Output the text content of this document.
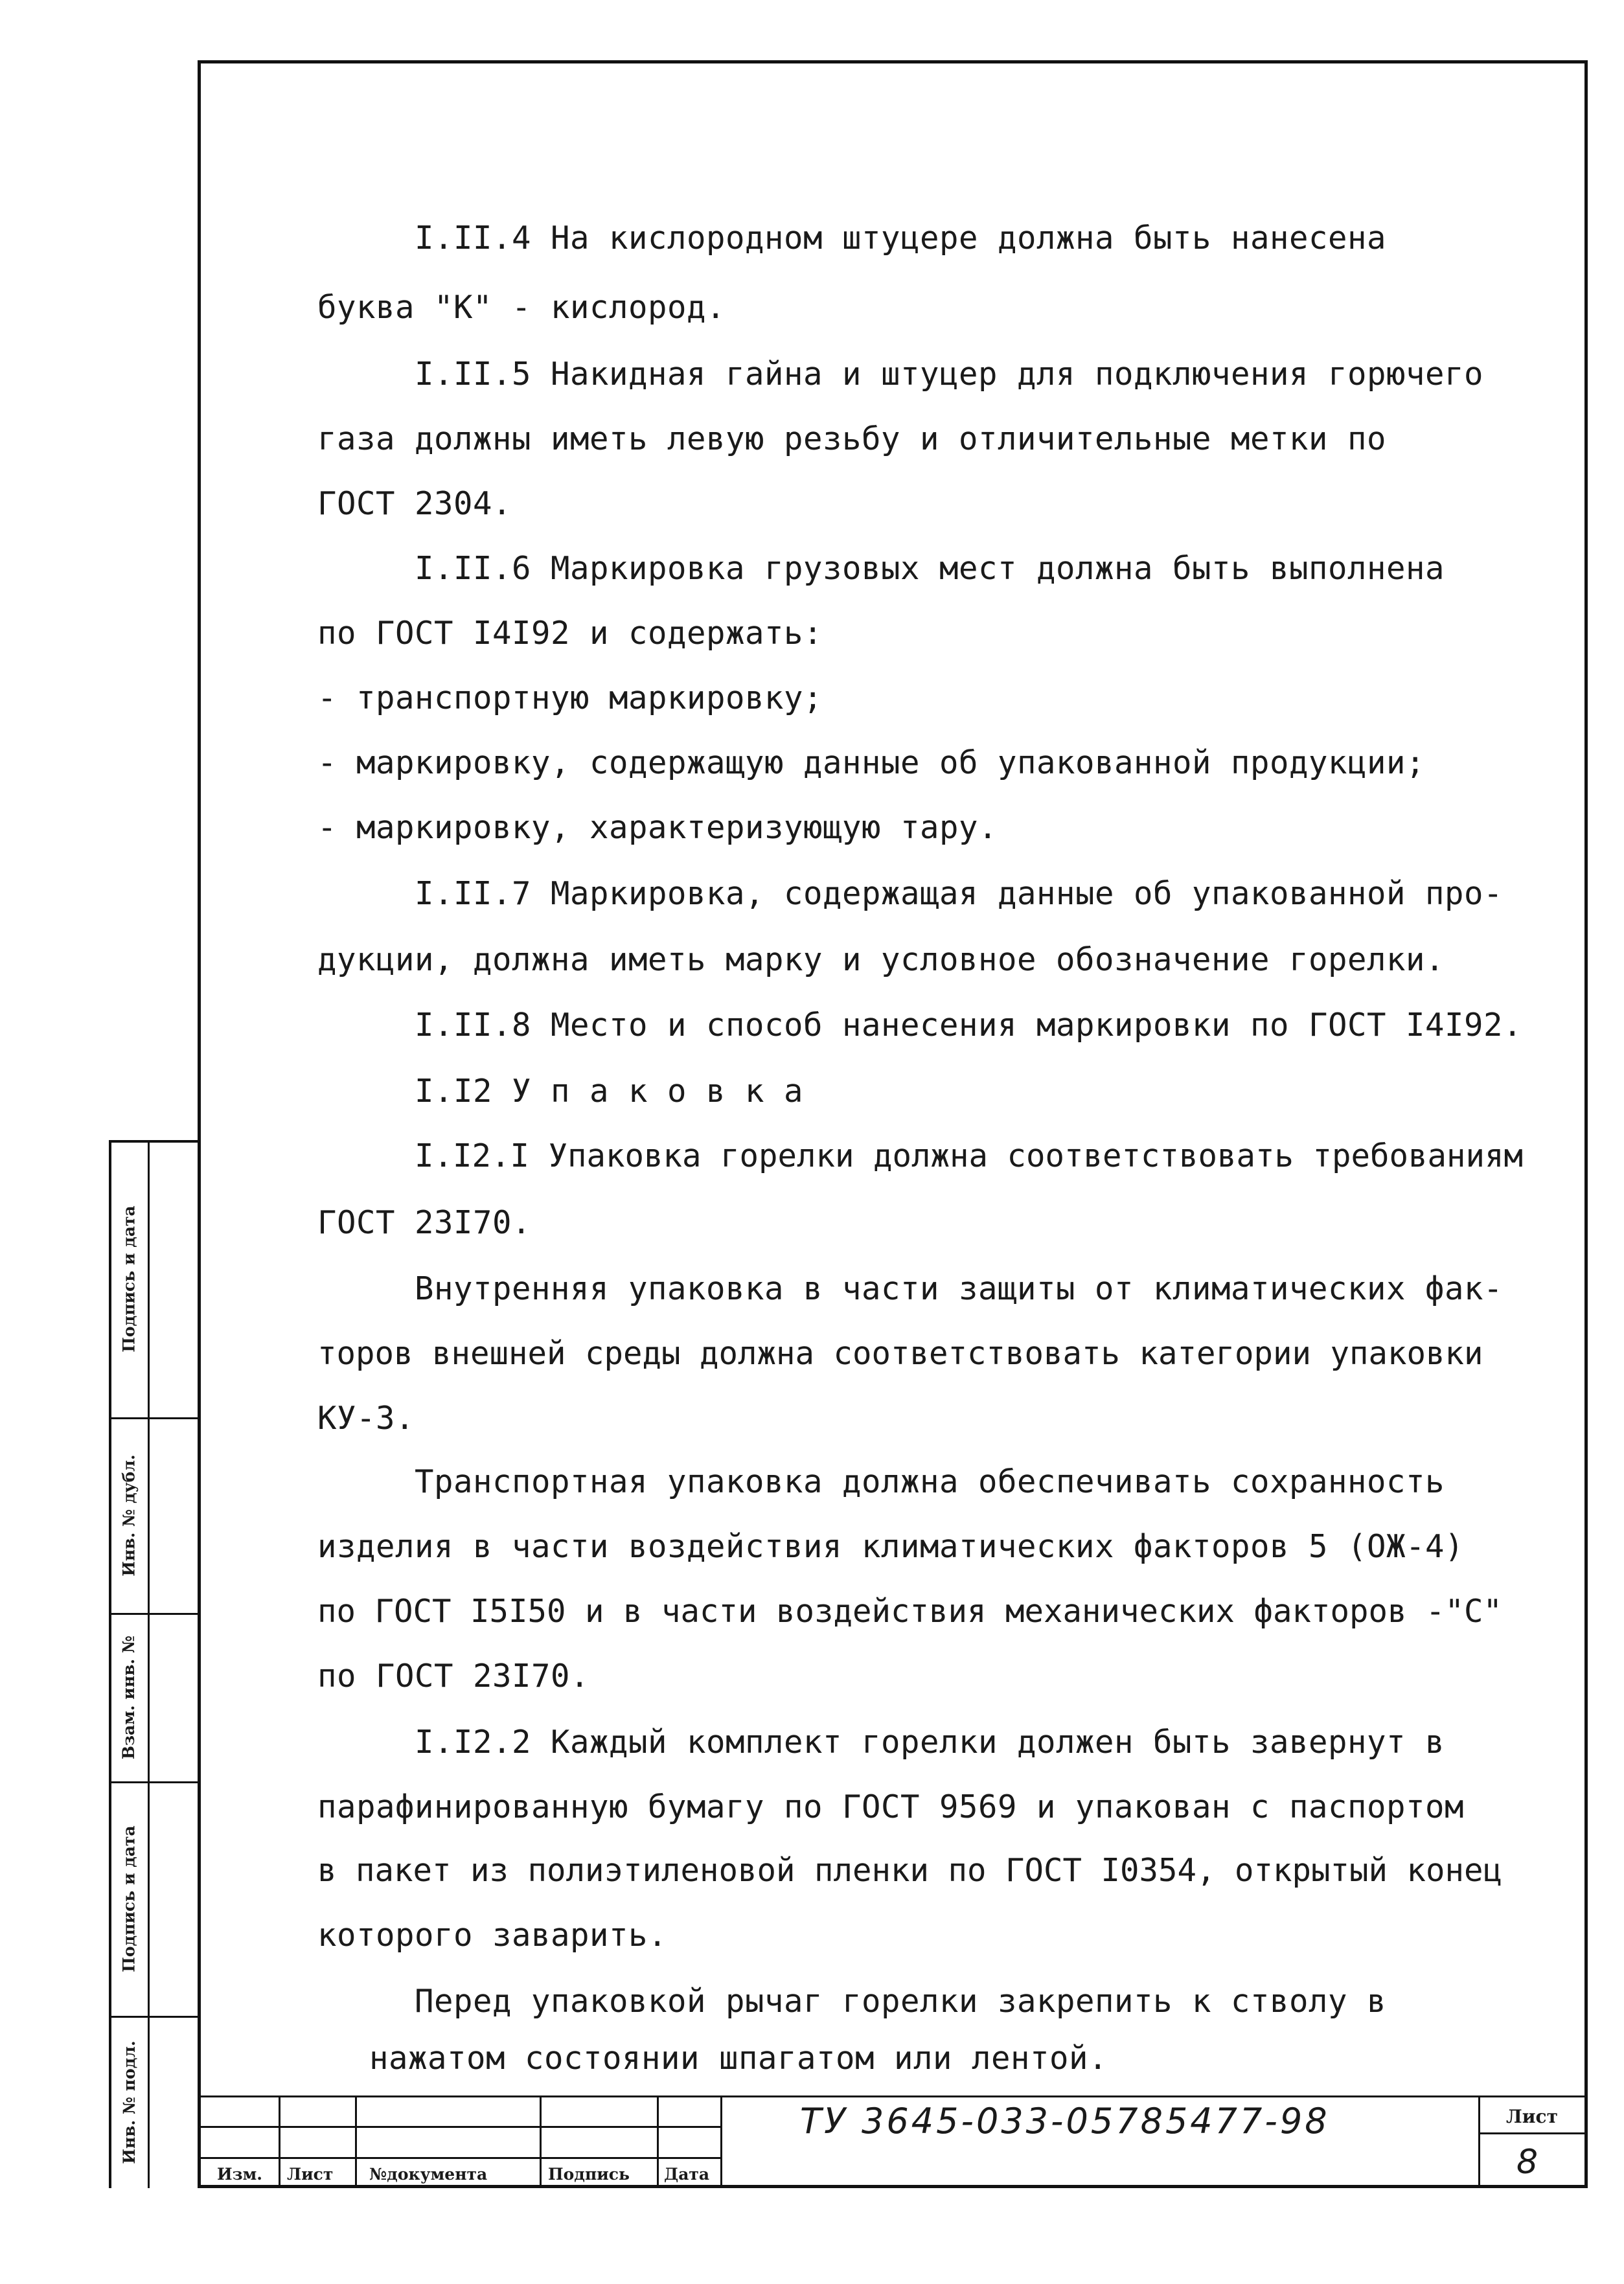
I.II.4 На кислородном штуцере должна быть нанесена
буква "К" - кислород.
I.II.5 Накидная гайна и штуцер для подключения горючего
газа должны иметь левую резьбу и отличительные метки по
ГОСТ 2304.
I.II.6 Маркировка грузовых мест должна быть выполнена
по ГОСТ I4I92 и содержать:
- транспортную маркировку;
- маркировку, содержащую данные об упакованной продукции;
- маркировку, характеризующую тару.
I.II.7 Маркировка, содержащая данные об упакованной про-
дукции, должна иметь марку и условное обозначение горелки.
I.II.8 Место и способ нанесения маркировки по ГОСТ I4I92.
I.I2 У п а к о в к а
I.I2.I Упаковка горелки должна соответствовать требованиям
ГОСТ 23I70.
Внутренняя упаковка в части защиты от климатических фак-
торов внешней среды должна соответствовать категории упаковки
КУ-3.
Транспортная упаковка должна обеспечивать сохранность
изделия в части воздействия климатических факторов 5 (ОЖ-4)
по ГОСТ I5I50 и в части воздействия механических факторов -"С"
по ГОСТ 23I70.
I.I2.2 Каждый комплект горелки должен быть завернут в
парафинированную бумагу по ГОСТ 9569 и упакован с паспортом
в пакет из полиэтиленовой пленки по ГОСТ I0354, открытый конец
которого заварить.
Перед упаковкой рычаг горелки закрепить к стволу в
нажатом состоянии шпагатом или лентой.
Подпись и дата
Инв. № дубл.
Взам. инв. №
Подпись и дата
Инв. № подл.
Изм. Лист №документа	Подпись Дата
ТУ 3645-033-05785477-98	Лист
8
